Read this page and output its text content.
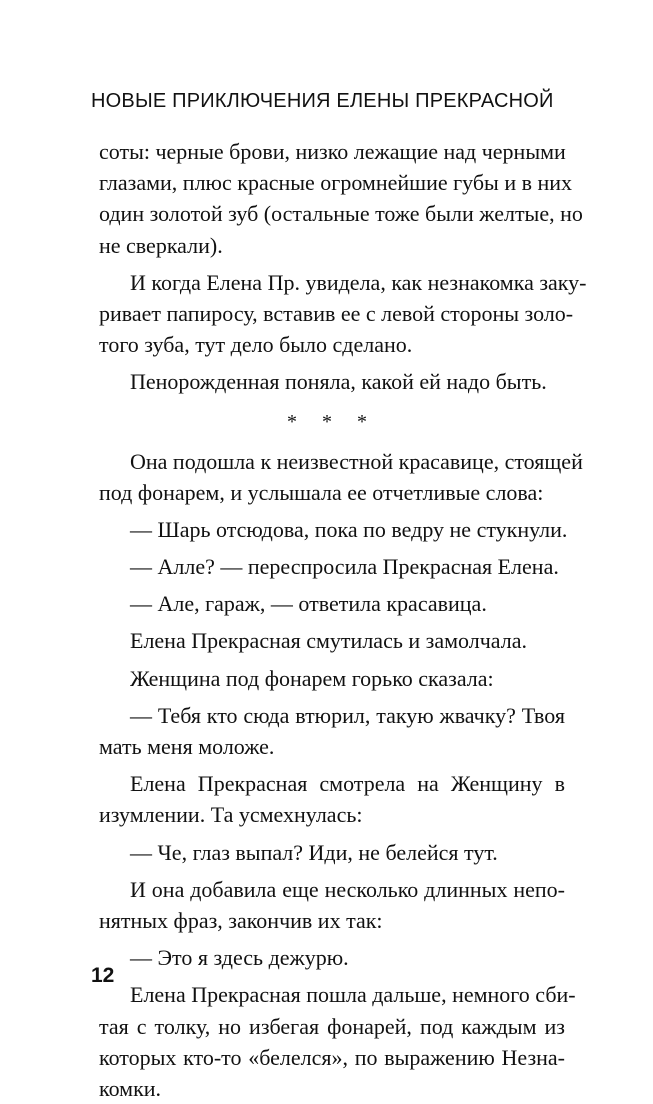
НОВЫЕ ПРИКЛЮЧЕНИЯ ЕЛЕНЫ ПРЕКРАСНОЙ
соты: черные брови, низко лежащие над черными
глазами, плюс красные огромнейшие губы и в них
один золотой зуб (остальные тоже были желтые, но
не сверкали).
И когда Елена Пр. увидела, как незнакомка заку-
ривает папиросу, вставив ее с левой стороны золо-
того зуба, тут дело было сделано.
Пенорожденная поняла, какой ей надо быть.
* * *
Она подошла к неизвестной красавице, стоящей
под фонарем, и услышала ее отчетливые слова:
— Шарь отсюдова, пока по ведру не стукнули.
— Алле? — переспросила Прекрасная Елена.
— Але, гараж, — ответила красавица.
Елена Прекрасная смутилась и замолчала.
Женщина под фонарем горько сказала:
— Тебя кто сюда втюрил, такую жвачку? Твоя
мать меня моложе.
Елена Прекрасная смотрела на Женщину в
изумлении. Та усмехнулась:
— Че, глаз выпал? Иди, не белейся тут.
И она добавила еще несколько длинных непо-
нятных фраз, закончив их так:
— Это я здесь дежурю.
Елена Прекрасная пошла дальше, немного сби-
тая с толку, но избегая фонарей, под каждым из
которых кто-то «белелся», по выражению Незна-
комки.
12
